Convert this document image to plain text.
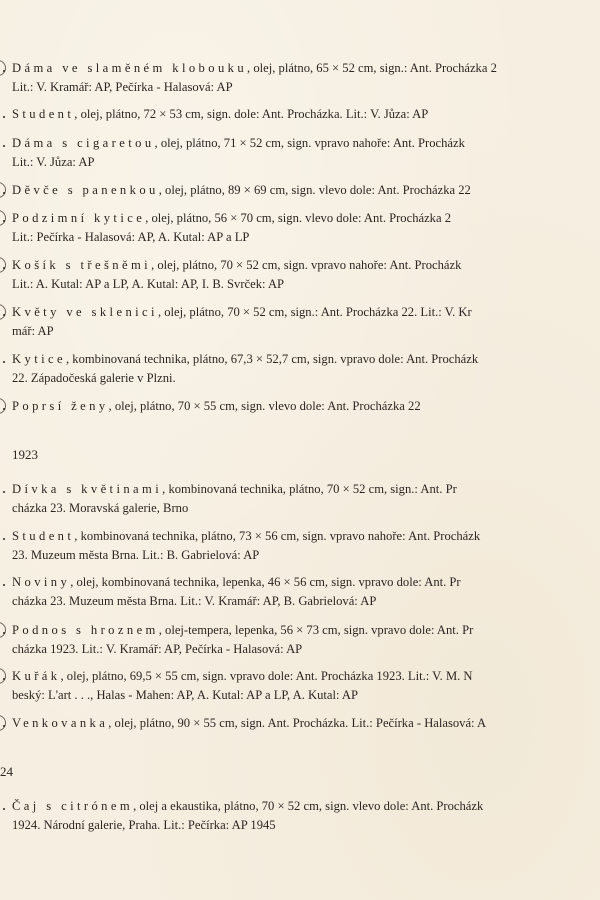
Dáma ve slaměném klobouku, olej, plátno, 65 × 52 cm, sign.: Ant. Procházka 2
Lit.: V. Kramář: AP, Pečírka - Halasová: AP
Student, olej, plátno, 72 × 53 cm, sign. dole: Ant. Procházka. Lit.: V. Jůza: AP
Dáma s cigaretou, olej, plátno, 71 × 52 cm, sign. vpravo nahoře: Ant. Procházk
Lit.: V. Jůza: AP
Děvče s panenkou, olej, plátno, 89 × 69 cm, sign. vlevo dole: Ant. Procházka 22
Podzimní kytice, olej, plátno, 56 × 70 cm, sign. vlevo dole: Ant. Procházka 2
Lit.: Pečírka - Halasová: AP, A. Kutal: AP a LP
Košík s třešněmi, olej, plátno, 70 × 52 cm, sign. vpravo nahoře: Ant. Procházk
Lit.: A. Kutal: AP a LP, A. Kutal: AP, I. B. Svrček: AP
Květy ve sklenici, olej, plátno, 70 × 52 cm, sign.: Ant. Procházka 22. Lit.: V. Kr
mář: AP
Kytice, kombinovaná technika, plátno, 67,3 × 52,7 cm, sign. vpravo dole: Ant. Procházk
22. Západočeská galerie v Plzni.
Poprsí ženy, olej, plátno, 70 × 55 cm, sign. vlevo dole: Ant. Procházka 22
1923
Dívka s květinami, kombinovaná technika, plátno, 70 × 52 cm, sign.: Ant. Pr
cházka 23. Moravská galerie, Brno
Student, kombinovaná technika, plátno, 73 × 56 cm, sign. vpravo nahoře: Ant. Procházk
23. Muzeum města Brna. Lit.: B. Gabrielová: AP
Noviny, olej, kombinovaná technika, lepenka, 46 × 56 cm, sign. vpravo dole: Ant. Pr
cházka 23. Muzeum města Brna. Lit.: V. Kramář: AP, B. Gabrielová: AP
Podnos s hroznem, olej-tempera, lepenka, 56 × 73 cm, sign. vpravo dole: Ant. Pr
cházka 1923. Lit.: V. Kramář: AP, Pečírka - Halasová: AP
Kuřák, olej, plátno, 69,5 × 55 cm, sign. vpravo dole: Ant. Procházka 1923. Lit.: V. M. N
beský: L'art . . ., Halas - Mahen: AP, A. Kutal: AP a LP, A. Kutal: AP
Venkovanka, olej, plátno, 90 × 55 cm, sign. Ant. Procházka. Lit.: Pečírka - Halasová: A
24
Čaj s citrónem, olej a ekaustika, plátno, 70 × 52 cm, sign. vlevo dole: Ant. Procházk
1924. Národní galerie, Praha. Lit.: Pečírka: AP 1945
